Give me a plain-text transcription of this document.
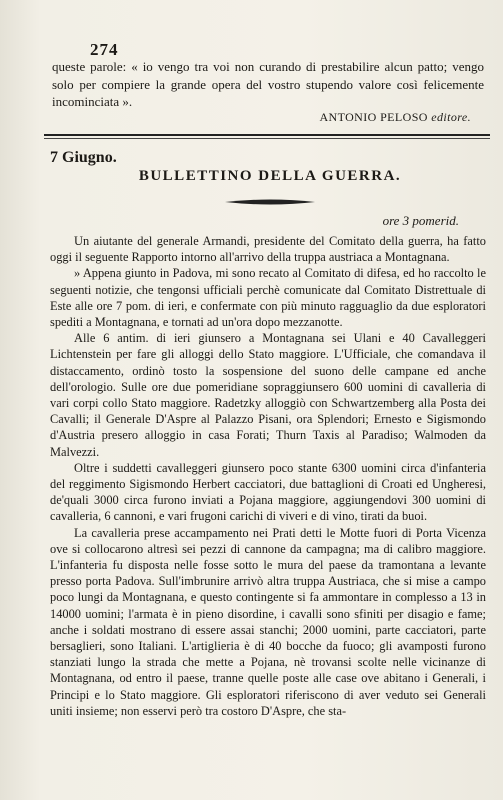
274

queste parole: « io vengo tra voi non curando di prestabilire alcun patto; vengo solo per compiere la grande opera del vostro stupendo valore così felicemente incominciata ».

ANTONIO PELOSO editore.
7 Giugno.
BULLETTINO DELLA GUERRA.
ore 3 pomerid.

Un aiutante del generale Armandi, presidente del Comitato della guerra, ha fatto oggi il seguente Rapporto intorno all'arrivo della truppa austriaca a Montagnana.

» Appena giunto in Padova, mi sono recato al Comitato di difesa, ed ho raccolto le seguenti notizie, che tengonsi ufficiali perchè comunicate dal Comitato Distrettuale di Este alle ore 7 pom. di ieri, e confermate con più minuto ragguaglio da due esploratori spediti a Montagnana, e tornati ad un'ora dopo mezzanotte.

Alle 6 antim. di ieri giunsero a Montagnana sei Ulani e 40 Cavalleggeri Lichtenstein per fare gli alloggi dello Stato maggiore. L'Ufficiale, che comandava il distaccamento, ordinò tosto la sospensione del suono delle campane ed anche dell'orologio. Sulle ore due pomeridiane sopraggiunsero 600 uomini di cavalleria di vari corpi collo Stato maggiore. Radetzky alloggiò con Schwartzemberg alla Posta dei Cavalli; il Generale D'Aspre al Palazzo Pisani, ora Splendori; Ernesto e Sigismondo d'Austria presero alloggio in casa Forati; Thurn Taxis al Paradiso; Walmoden da Malvezzi.

Oltre i suddetti cavalleggeri giunsero poco stante 6300 uomini circa d'infanteria del reggimento Sigismondo Herbert cacciatori, due battaglioni di Croati ed Ungheresi, de'quali 3000 circa furono inviati a Pojana maggiore, aggiungendovi 300 uomini di cavalleria, 6 cannoni, e vari frugoni carichi di viveri e di vino, tirati da buoi.

La cavalleria prese accampamento nei Prati detti le Motte fuori di Porta Vicenza ove si collocarono altresì sei pezzi di cannone da campagna; ma di calibro maggiore. L'infanteria fu disposta nelle fosse sotto le mura del paese da tramontana a levante presso porta Padova. Sull'imbrunire arrivò altra truppa Austriaca, che si mise a campo poco lungi da Montagnana, e questo contingente si fa ammontare in complesso a 13 in 14000 uomini; l'armata è in pieno disordine, i cavalli sono sfiniti per disagio e fame; anche i soldati mostrano di essere assai stanchi; 2000 uomini, parte cacciatori, parte bersaglieri, sono Italiani. L'artiglieria è di 40 bocche da fuoco; gli avamposti furono stanziati lungo la strada che mette a Pojana, nè trovansi scolte nelle vicinanze di Montagnana, od entro il paese, tranne quelle poste alle case ove abitano i Generali, i Principi e lo Stato maggiore. Gli esploratori riferiscono di aver veduto sei Generali uniti insieme; non esservi però tra costoro D'Aspre, che sta-
